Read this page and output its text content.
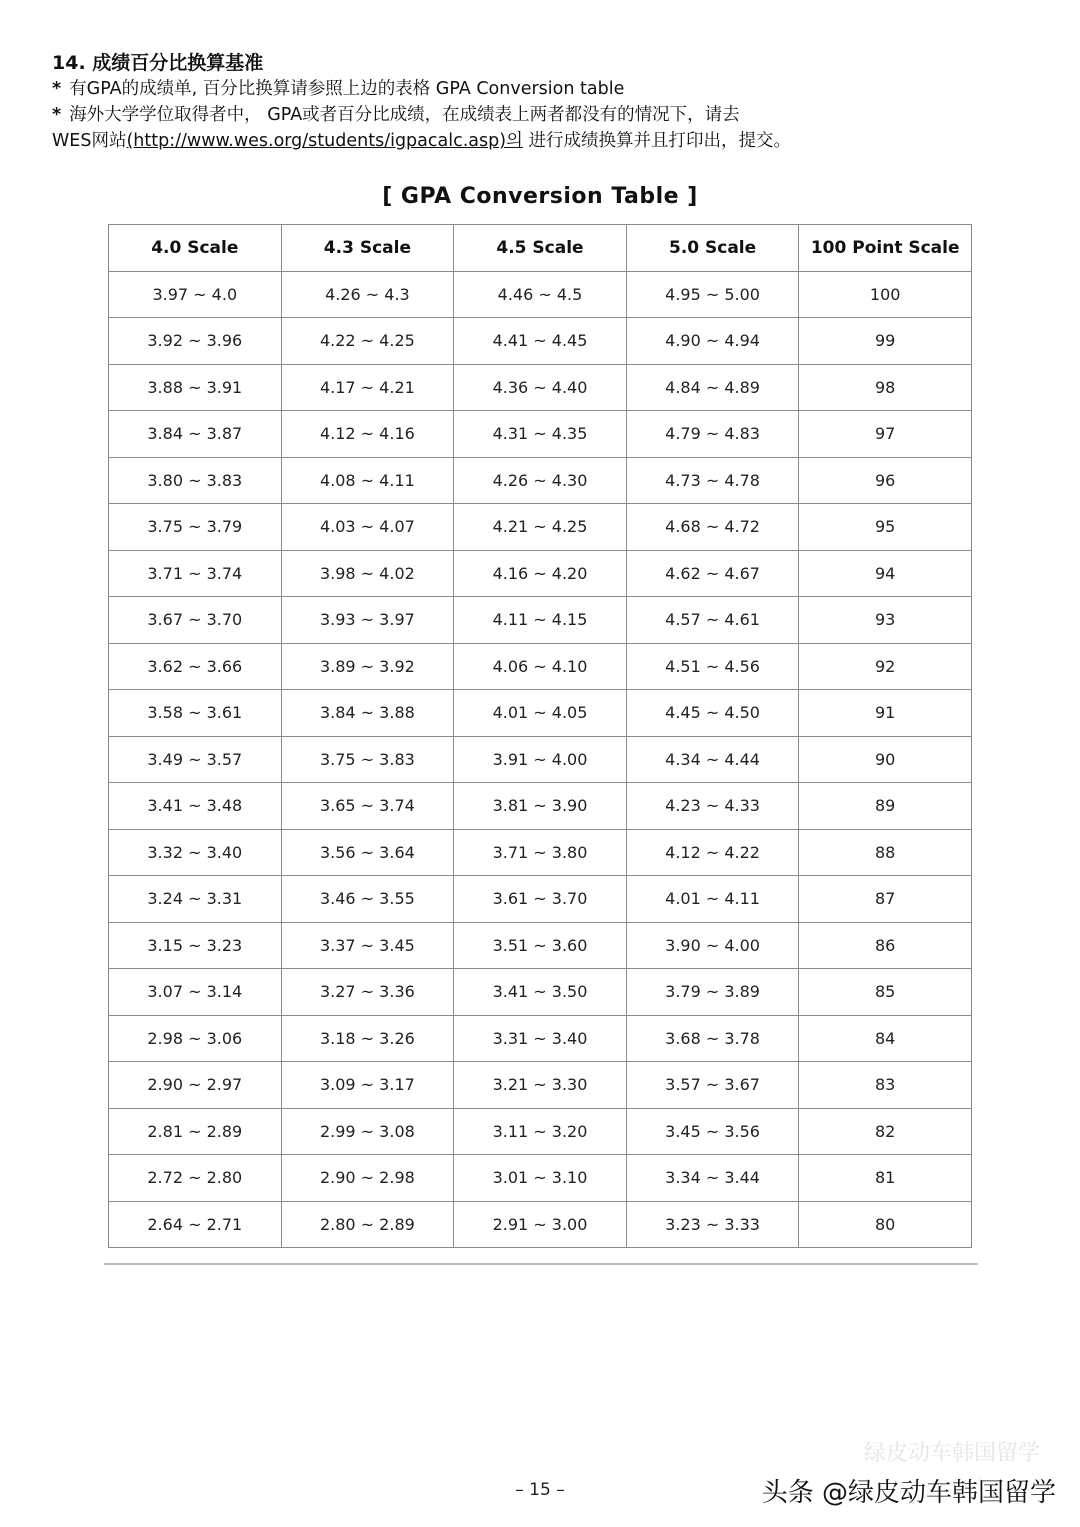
14. 成绩百分比换算基准

* 有GPA的成绩单, 百分比换算请参照上边的表格 GPA Conversion table

* 海外大学学位取得者中， GPA或者百分比成绩，在成绩表上两者都没有的情况下，请去

WES网站(http://www.wes.org/students/igpacalc.asp)의 进行成绩换算并且打印出，提交。

[ GPA Conversion Table ]
4.0 Scale	4.3 Scale	4.5 Scale	5.0 Scale	100 Point Scale
3.97 ~ 4.0	4.26 ~ 4.3	4.46 ~ 4.5	4.95 ~ 5.00	100
3.92 ~ 3.96	4.22 ~ 4.25	4.41 ~ 4.45	4.90 ~ 4.94	99
3.88 ~ 3.91	4.17 ~ 4.21	4.36 ~ 4.40	4.84 ~ 4.89	98
3.84 ~ 3.87	4.12 ~ 4.16	4.31 ~ 4.35	4.79 ~ 4.83	97
3.80 ~ 3.83	4.08 ~ 4.11	4.26 ~ 4.30	4.73 ~ 4.78	96
3.75 ~ 3.79	4.03 ~ 4.07	4.21 ~ 4.25	4.68 ~ 4.72	95
3.71 ~ 3.74	3.98 ~ 4.02	4.16 ~ 4.20	4.62 ~ 4.67	94
3.67 ~ 3.70	3.93 ~ 3.97	4.11 ~ 4.15	4.57 ~ 4.61	93
3.62 ~ 3.66	3.89 ~ 3.92	4.06 ~ 4.10	4.51 ~ 4.56	92
3.58 ~ 3.61	3.84 ~ 3.88	4.01 ~ 4.05	4.45 ~ 4.50	91
3.49 ~ 3.57	3.75 ~ 3.83	3.91 ~ 4.00	4.34 ~ 4.44	90
3.41 ~ 3.48	3.65 ~ 3.74	3.81 ~ 3.90	4.23 ~ 4.33	89
3.32 ~ 3.40	3.56 ~ 3.64	3.71 ~ 3.80	4.12 ~ 4.22	88
3.24 ~ 3.31	3.46 ~ 3.55	3.61 ~ 3.70	4.01 ~ 4.11	87
3.15 ~ 3.23	3.37 ~ 3.45	3.51 ~ 3.60	3.90 ~ 4.00	86
3.07 ~ 3.14	3.27 ~ 3.36	3.41 ~ 3.50	3.79 ~ 3.89	85
2.98 ~ 3.06	3.18 ~ 3.26	3.31 ~ 3.40	3.68 ~ 3.78	84
2.90 ~ 2.97	3.09 ~ 3.17	3.21 ~ 3.30	3.57 ~ 3.67	83
2.81 ~ 2.89	2.99 ~ 3.08	3.11 ~ 3.20	3.45 ~ 3.56	82
2.72 ~ 2.80	2.90 ~ 2.98	3.01 ~ 3.10	3.34 ~ 3.44	81
2.64 ~ 2.71	2.80 ~ 2.89	2.91 ~ 3.00	3.23 ~ 3.33	80
– 15 –
绿皮动车韩国留学
头条 @绿皮动车韩国留学
